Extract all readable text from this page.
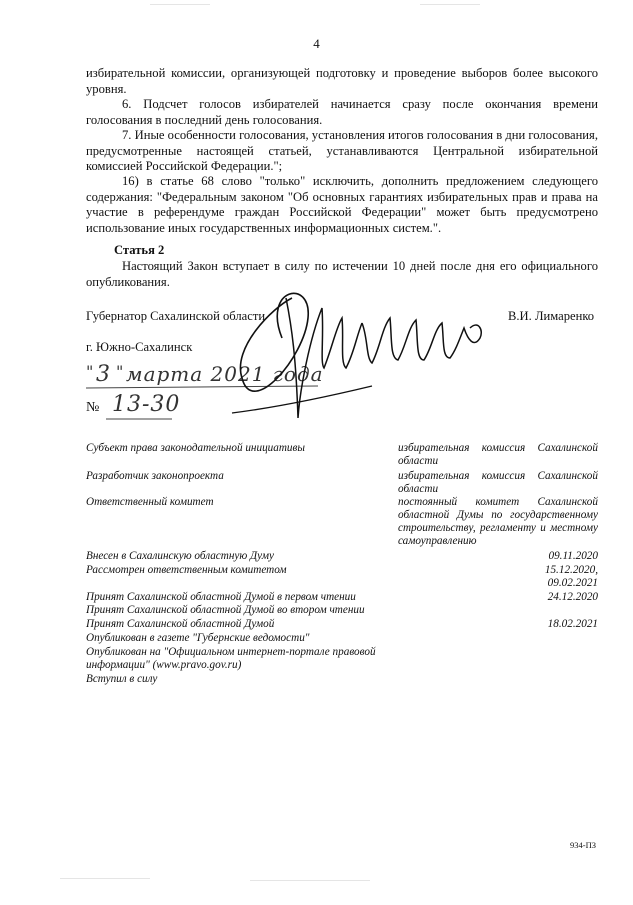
4
избирательной комиссии, организующей подготовку и проведение выборов более высокого уровня.
6. Подсчет голосов избирателей начинается сразу после окончания времени голосования в последний день голосования.
7. Иные особенности голосования, установления итогов голосования в дни голосования, предусмотренные настоящей статьей, устанавливаются Центральной избирательной комиссией Российской Федерации.";
16) в статье 68 слово "только" исключить, дополнить предложением следующего содержания: "Федеральным законом "Об основных гарантиях избирательных прав и права на участие в референдуме граждан Российской Федерации" может быть предусмотрено использование иных государственных информационных систем.".
Статья 2
Настоящий Закон вступает в силу по истечении 10 дней после дня его официального опубликования.
Губернатор Сахалинской области	В.И. Лимаренко
г. Южно-Сахалинск
" 3 " марта 2021 года
№ 13-30
Субъект права законодательной инициативы	избирательная комиссия Сахалинской области
Разработчик законопроекта	избирательная комиссия Сахалинской области
Ответственный комитет	постоянный комитет Сахалинской областной Думы по государственному строительству, регламенту и местному самоуправлению
Внесен в Сахалинскую областную Думу	09.11.2020
Рассмотрен ответственным комитетом	15.12.2020,
09.02.2021
Принят Сахалинской областной Думой в первом чтении	24.12.2020
Принят Сахалинской областной Думой во втором чтении
Принят Сахалинской областной Думой	18.02.2021
Опубликован в газете "Губернские ведомости"
Опубликован на "Официальном интернет-портале правовой информации" (www.pravo.gov.ru)
Вступил в силу
934-ПЗ
